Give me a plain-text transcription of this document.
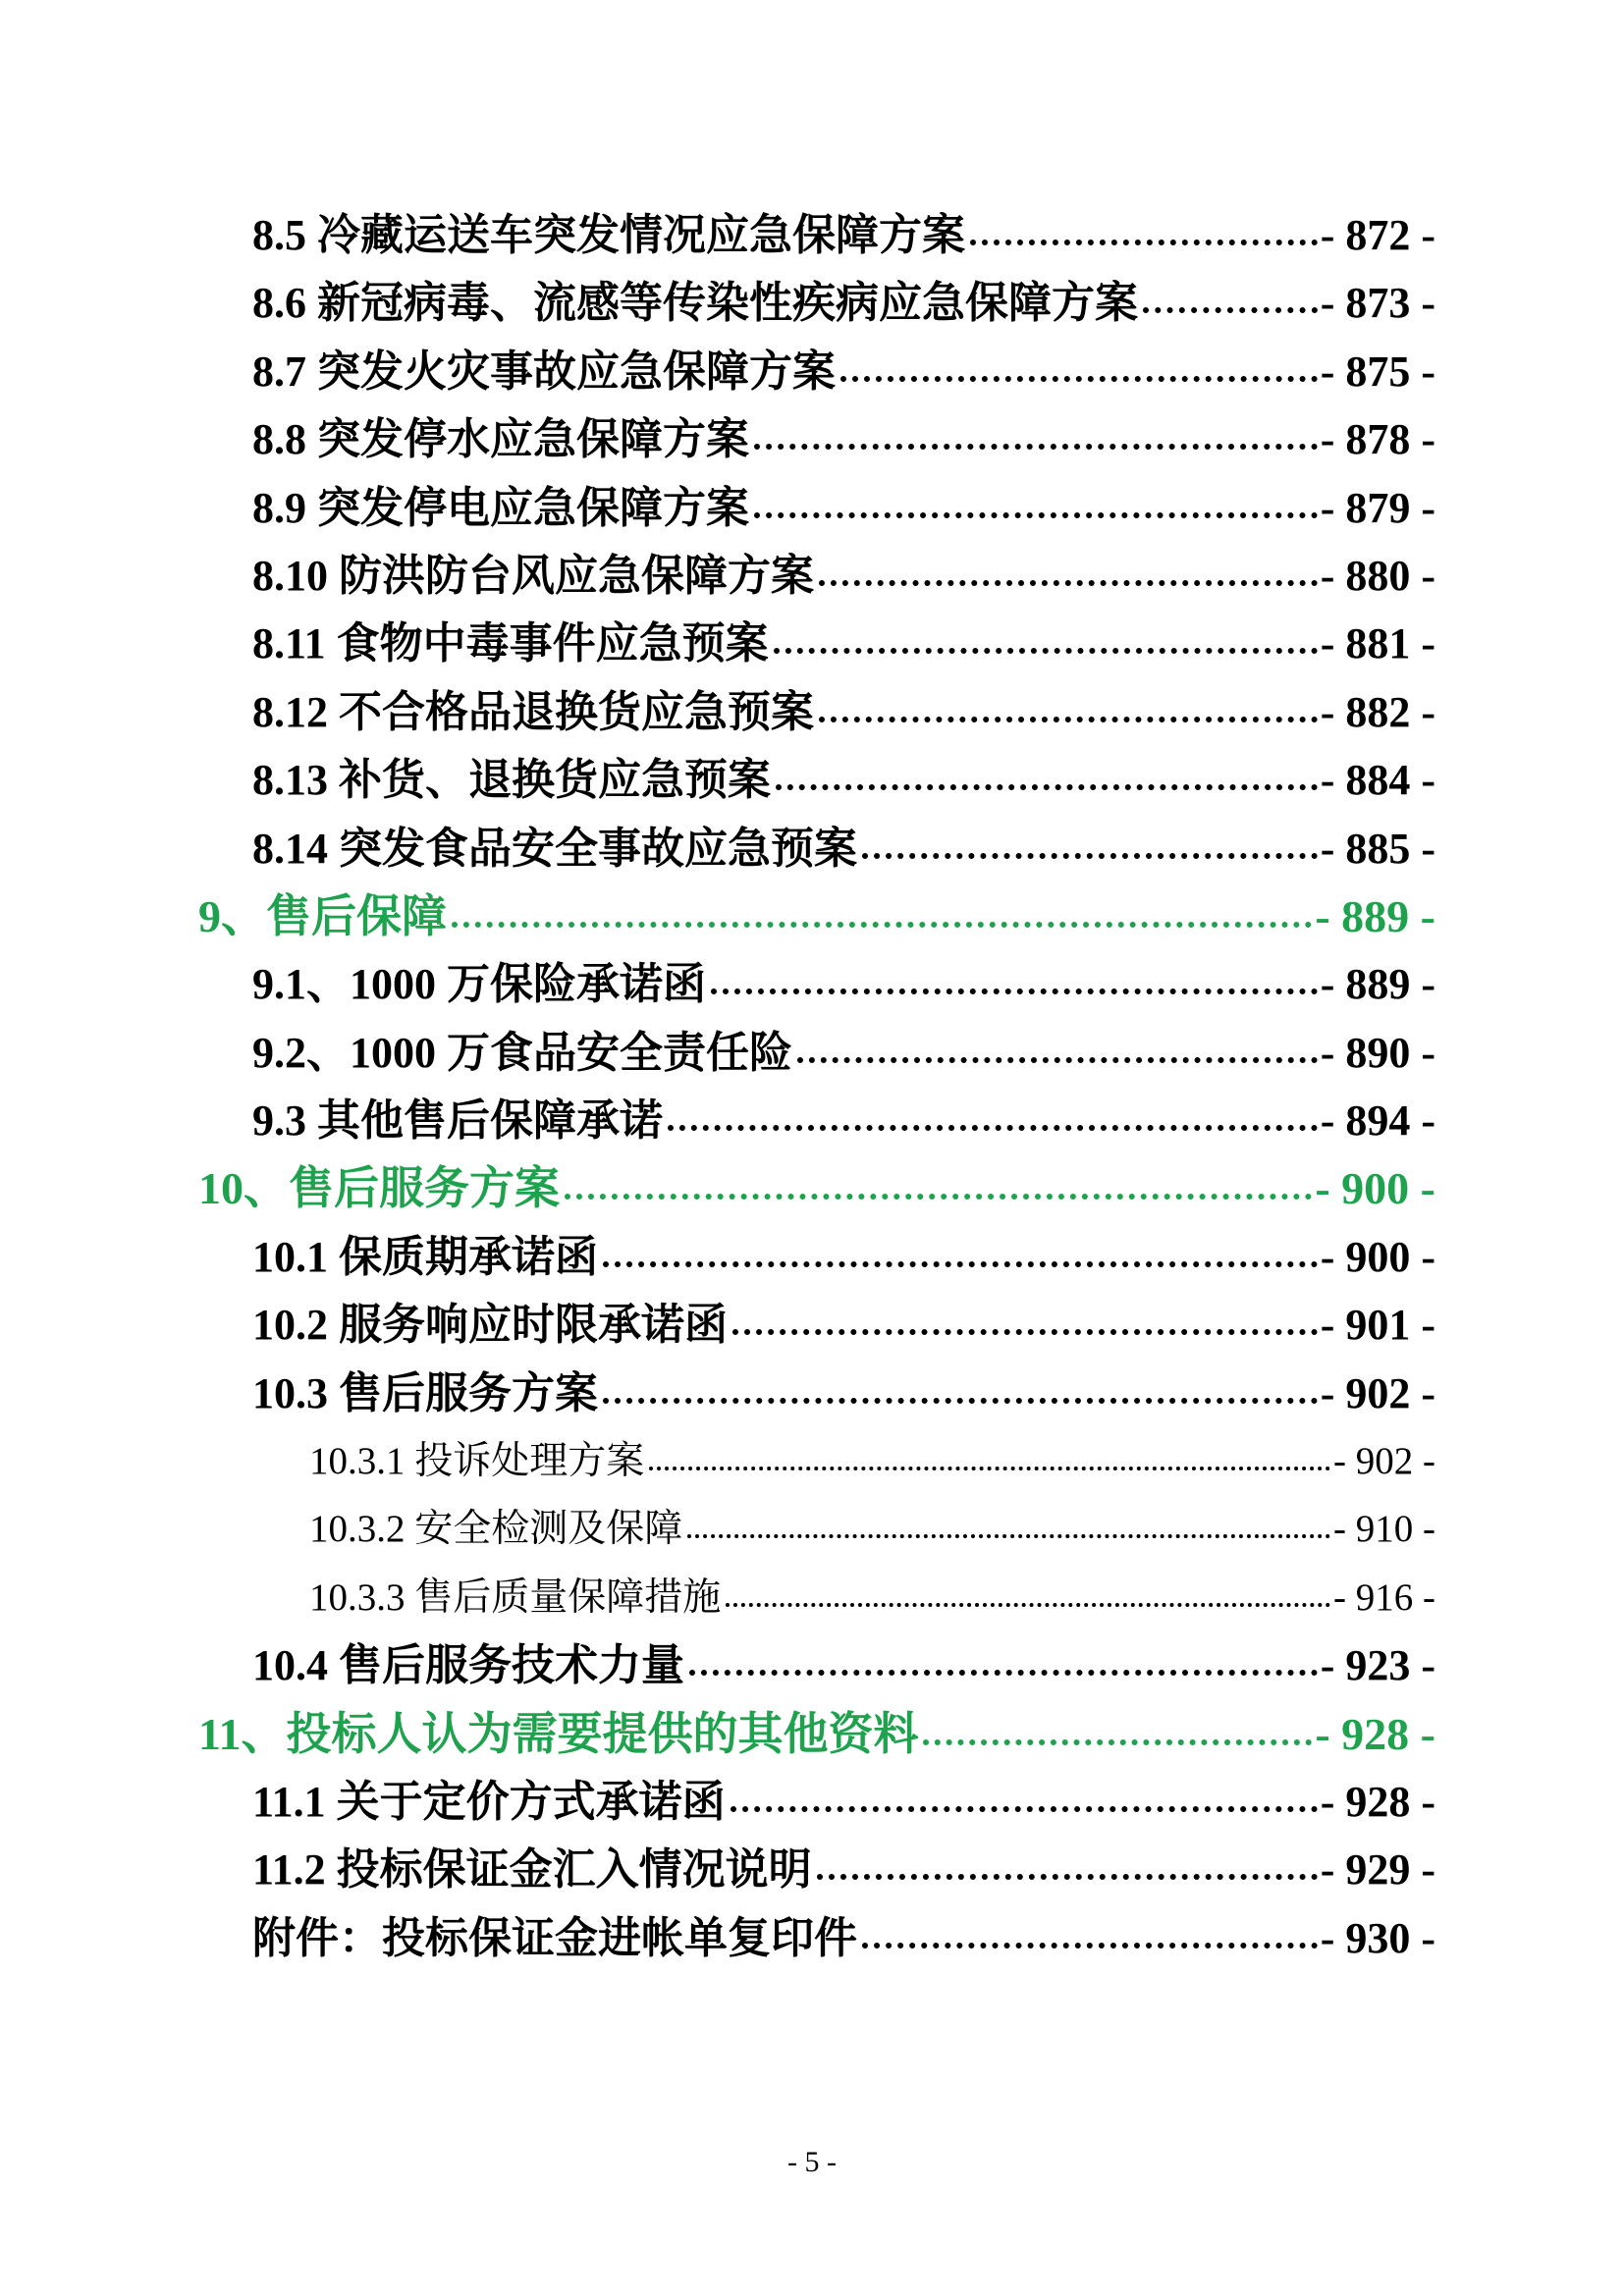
8.5 冷藏运送车突发情况应急保障方案	- 872 -
8.6 新冠病毒、流感等传染性疾病应急保障方案	- 873 -
8.7 突发火灾事故应急保障方案	- 875 -
8.8 突发停水应急保障方案	- 878 -
8.9 突发停电应急保障方案	- 879 -
8.10 防洪防台风应急保障方案	- 880 -
8.11 食物中毒事件应急预案	- 881 -
8.12 不合格品退换货应急预案	- 882 -
8.13 补货、退换货应急预案	- 884 -
8.14 突发食品安全事故应急预案	- 885 -
9、售后保障	- 889 -
9.1、1000 万保险承诺函	- 889 -
9.2、1000 万食品安全责任险	- 890 -
9.3 其他售后保障承诺	- 894 -
10、售后服务方案	- 900 -
10.1 保质期承诺函	- 900 -
10.2 服务响应时限承诺函	- 901 -
10.3 售后服务方案	- 902 -
10.3.1 投诉处理方案	- 902 -
10.3.2 安全检测及保障	- 910 -
10.3.3 售后质量保障措施	- 916 -
10.4 售后服务技术力量	- 923 -
11、投标人认为需要提供的其他资料	- 928 -
11.1 关于定价方式承诺函	- 928 -
11.2 投标保证金汇入情况说明	- 929 -
附件：投标保证金进帐单复印件	- 930 -
- 5 -
